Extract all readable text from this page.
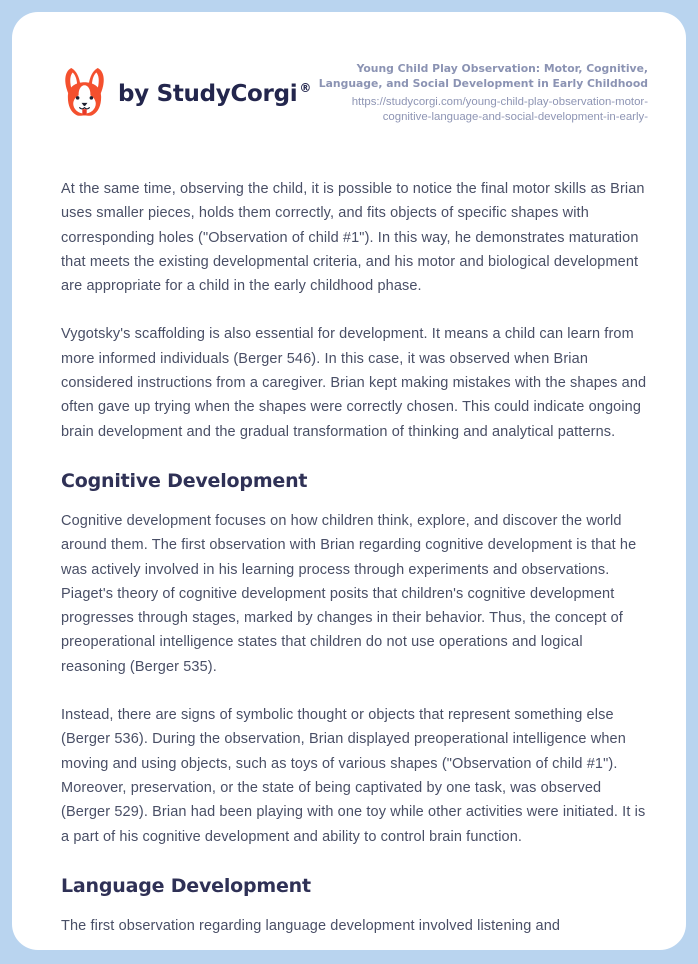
by StudyCorgi ®
Young Child Play Observation: Motor, Cognitive, Language, and Social Development in Early Childhood
https://studycorgi.com/young-child-play-observation-motor-cognitive-language-and-social-development-in-early-

At the same time, observing the child, it is possible to notice the final motor skills as Brian uses smaller pieces, holds them correctly, and fits objects of specific shapes with corresponding holes ("Observation of child #1"). In this way, he demonstrates maturation that meets the existing developmental criteria, and his motor and biological development are appropriate for a child in the early childhood phase.

Vygotsky's scaffolding is also essential for development. It means a child can learn from more informed individuals (Berger 546). In this case, it was observed when Brian considered instructions from a caregiver. Brian kept making mistakes with the shapes and often gave up trying when the shapes were correctly chosen. This could indicate ongoing brain development and the gradual transformation of thinking and analytical patterns.

Cognitive Development

Cognitive development focuses on how children think, explore, and discover the world around them. The first observation with Brian regarding cognitive development is that he was actively involved in his learning process through experiments and observations. Piaget's theory of cognitive development posits that children's cognitive development progresses through stages, marked by changes in their behavior. Thus, the concept of preoperational intelligence states that children do not use operations and logical reasoning (Berger 535).

Instead, there are signs of symbolic thought or objects that represent something else (Berger 536). During the observation, Brian displayed preoperational intelligence when moving and using objects, such as toys of various shapes ("Observation of child #1"). Moreover, preservation, or the state of being captivated by one task, was observed (Berger 529). Brian had been playing with one toy while other activities were initiated. It is a part of his cognitive development and ability to control brain function.

Language Development

The first observation regarding language development involved listening and
